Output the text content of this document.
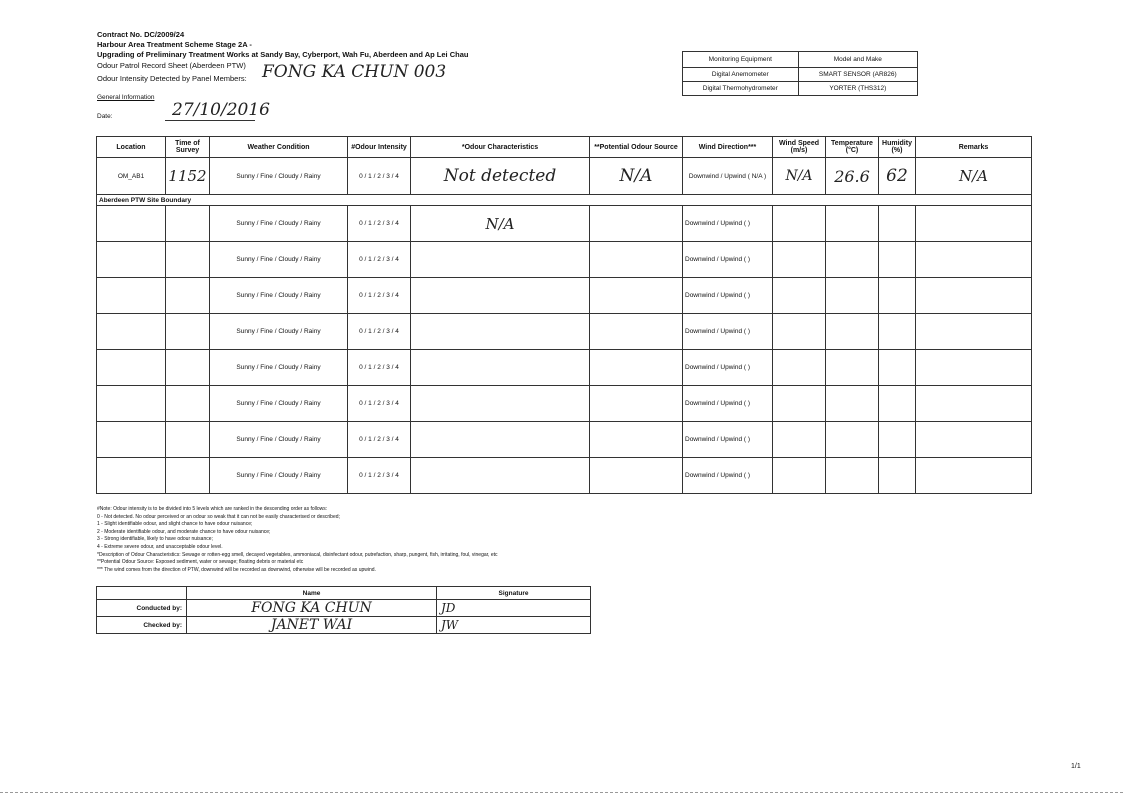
Contract No. DC/2009/24
Harbour Area Treatment Scheme Stage 2A -
Upgrading of Preliminary Treatment Works at Sandy Bay, Cyberport, Wah Fu, Aberdeen and Ap Lei Chau
Odour Patrol Record Sheet (Aberdeen PTW)
Odour Intensity Detected by Panel Members: FONG KA CHUN 003
General Information
Date:	27/10/2016
Monitoring Equipment	Model and Make
Digital Anemometer	SMART SENSOR (AR826)
Digital Thermohydrometer	YORTER (THS312)
Location	Time of Survey	Weather Condition	#Odour Intensity	*Odour Characteristics	**Potential Odour Source	Wind Direction***	Wind Speed (m/s)	Temperature (°C)	Humidity (%)	Remarks
OM_AB1	1152	Sunny / Fine / Cloudy / Rainy	0 / 1 / 2 / 3 / 4	Not detected	N/A	Downwind / Upwind ( N/A )	N/A	26.6	62	N/A
Aberdeen PTW Site Boundary										
		Sunny / Fine / Cloudy / Rainy	0 / 1 / 2 / 3 / 4	N/A		Downwind / Upwind ( )				
		Sunny / Fine / Cloudy / Rainy	0 / 1 / 2 / 3 / 4			Downwind / Upwind ( )				
		Sunny / Fine / Cloudy / Rainy	0 / 1 / 2 / 3 / 4			Downwind / Upwind ( )				
		Sunny / Fine / Cloudy / Rainy	0 / 1 / 2 / 3 / 4			Downwind / Upwind ( )				
		Sunny / Fine / Cloudy / Rainy	0 / 1 / 2 / 3 / 4			Downwind / Upwind ( )				
		Sunny / Fine / Cloudy / Rainy	0 / 1 / 2 / 3 / 4			Downwind / Upwind ( )				
		Sunny / Fine / Cloudy / Rainy	0 / 1 / 2 / 3 / 4			Downwind / Upwind ( )				
		Sunny / Fine / Cloudy / Rainy	0 / 1 / 2 / 3 / 4			Downwind / Upwind ( )				
#Note: Odour intensity is to be divided into 5 levels which are ranked in the descending order as follows:
0 - Not detected. No odour perceived or an odour so weak that it can not be easily characterised or described;
1 - Slight identifiable odour, and slight chance to have odour nuisance;
2 - Moderate identifiable odour, and moderate chance to have odour nuisance;
3 - Strong identifiable, likely to have odour nuisance;
4 - Extreme severe odour, and unacceptable odour level.
*Description of Odour Characteristics: Sewage or rotten-egg smell, decayed vegetables, ammoniacal, disinfectant odour, putrefaction, sharp, pungent, fish, irritating, foul, vinegar, etc
**Potential Odour Source: Exposed sediment, water or sewage; floating debris or material etc
*** The wind comes from the direction of PTW, downwind will be recorded as downwind, otherwise will be recorded as upwind.
	Name	Signature
Conducted by:	FONG KA CHUN	JD
Checked by:	JANET WAI	JW
1/1
